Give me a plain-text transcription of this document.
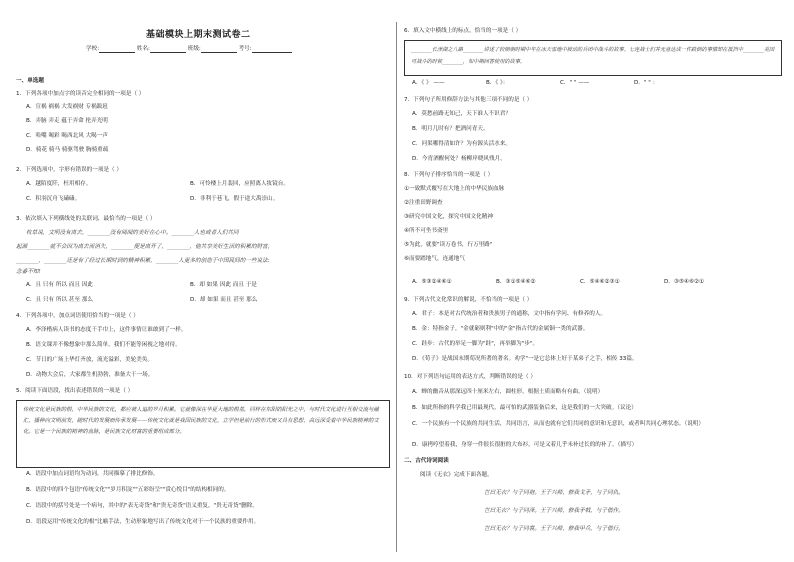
基础模块上期末测试卷二
学校:	姓名:	班级:	考号:
一、单选题
1．下列各项中加点字的读音完全相同的一项是（ ）
A．宣祸 祸祸 大发祸财 专祸跋扈
B．弄脑 弄走 蕴于弄命 抡弄光明
C．哈嘴 喝彩 喝西北风 大喝一声
D．骑花 骑马 骑驱驾驶 胸骑重疏
2．下列选项中，字形有错误的一项是（ ）
A．越陌度阡，枉用相存。	B．可怜楼上月裴回，应照离人妆镜台。
C．积羽沉舟飞磕磕。	D．非利于巷飞，假于途大禹崇山。
3．依次填入下列横线处的关联词，最恰当的一项是（ ）
枚草说，文明没有离去，________没有阅阅的美好在心中。________人也或者人们共同
起源________就不会因为离去而消失，________便是离开了，________，他共享美好生活的积累的财富，
________，________还是有了经过长期时到的精神积累，________人更多的创造于中国民间的一些说法:
念番不知!
A．且 只有 所以 而且 因此	B．却 如果 因此 而且 于是
C．且 只有 所以 甚至 那么	D．却 如果 而且 甚至 那么
4．下列各项中，加点词语使用恰当的一项是（ ）
A．李泽楷病人读书的态度干手巾上，这件事情让谁敢到了一样。
B．语文课并不像想象中那么简单，我们不能等闲视之地对待。
C．节日的广场上华灯齐放，流光溢彩，美轮美奂。
D．动物大会后，大家都生机勃勃，准备大干一场。
5．阅读下面语段，找出表述错误的一项是（ ）
传统文化是民族的根，中华民族的文化，都应被人追的岁月积累。它就像深在华夏大地的根基，同样在东阳的阳光之中，与时代文化进行互相交流与融汇，播种向文明前发，随时代的发展而传承发展——传统文化就是我国民族的文化，立学但是前行的形式而又具有思想，高远深受着中华民族精神的文化。它是一个民族的精神的血脉，是民族文化财富的重要组成部分。
A．语段中加点词语均为动词，共同描摹了排比修饰。
B．语段中的四个包语"传统文化""岁月积淀""五彩纷呈""赏心悦目"的结构相同的。
C．语段中的括号处是一个病句，其中的"表无奇货"和"贵无奇货"语义重复，"贵无奇货"删除。
D．语段运用"传统文化的根"比喻手法，生动形象地写出了传统文化对于一个民族的重要作用。
6．填入文中横线上的标点，恰当的一项是（ ）
________长津湖之八路________讲述了较朝朝时期中年在冰天雪地中被动的兵团中战斗的故事。七连战士们并无意达成一件跌倒的事情却在抵挡中________美国可战斗的时候________，如中期回答使用的故事。
A．《 》 ——	B．《 》：	C．" " ——	D．" " ：
7．下列句子所用修辞方法与其他三项不同的是（ ）
A．莫愁前路无知己，天下谁人不识君？
B．明月几时有？把酒问青天。
C．问渠哪得清如许？为有源头活水来。
D．今宵酒醒何处？杨柳岸晓风残月。
8．下列句子排序恰当的一项是（ ）
①一致默式覆写在大地上的中华民族血脉
②注重田野调查
③研究中国文化，探究中国文化精神
④所不可坐书斋里
⑤为此，就要"读万卷书，行万里路"
⑥而要踏地气，连通地气
A．⑤③②④⑥①	B．③①⑤④⑥②	C．⑤④⑥②③①	D．③⑤④⑥②①
9．下列古代文化常识的解说，不恰当的一项是（ ）
A．君子：本是对古代统治者和贵族男子的通称，文中指有学问、有修养的人。
B．金：特指金子，"金就砺则利"中的"金"指古代的金属铜一类的武器。
C．跬步：古代的举足一脚为"跬"，再举脚为"步"。
D．《荀子》是战国末期荀况所著的著名。劝学"一是它总体上好于某弟子之手，相传 33篇。
10．对下列语句运用的表达方式，判断错误的是（ ）
A．蝉的幽音从那深远四十厘米左右，圆柱形，根据土质而略有有曲。（说明）
B．如此所指的科学我已用最现代，最可怕的武器装备后来，这是我们的一大突破。（议论）
C．一个民族有一个民族的共同生活，共同语言，从而也就有它们共同的意识和无意识，或者叫共同心理状态。（说明）
D．康拷哼望着我，身穿一件很长很脏的大布衫，可是又着几乎未补过长的的补了。（描写）
二、古代诗词阅读
阅读《无衣》完成下面各题。
岂曰无衣？与子同袍。王于兴师，修我戈矛，与子同仇。
岂曰无衣？与子同泽。王于兴师，修我矛戟，与子偕作。
岂曰无衣？与子同裳。王于兴师，修我甲兵，与子偕行。
